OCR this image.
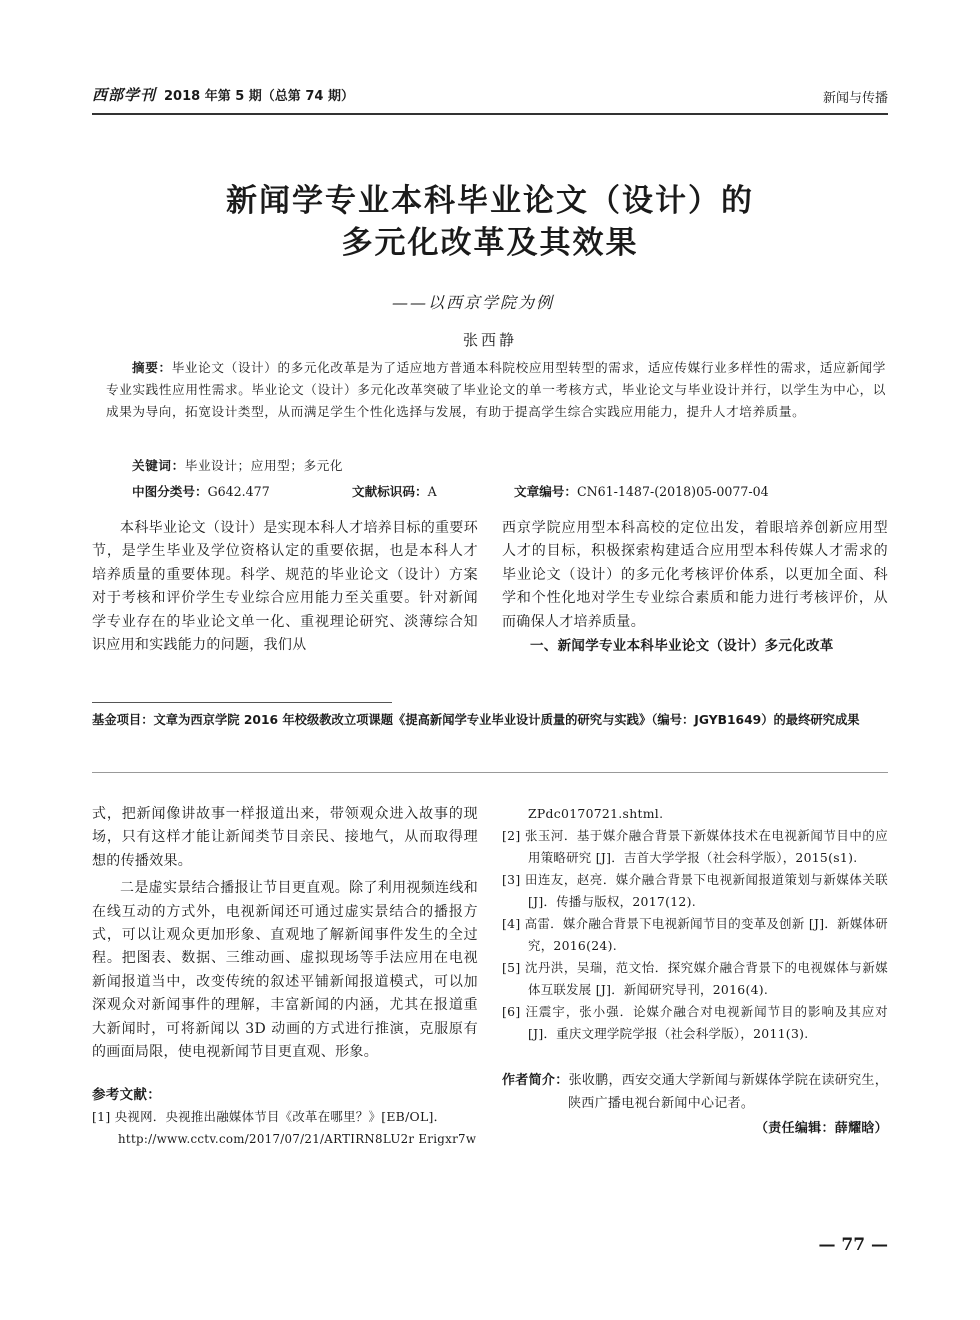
西部学刊 2018 年第 5 期（总第 74 期）	新闻与传播
新闻学专业本科毕业论文（设计）的
多元化改革及其效果
——以西京学院为例
张西静

摘要：毕业论文（设计）的多元化改革是为了适应地方普通本科院校应用型转型的需求，适应传媒行业多样性的需求，适应新闻学专业实践性应用性需求。毕业论文（设计）多元化改革突破了毕业论文的单一考核方式，毕业论文与毕业设计并行，以学生为中心，以成果为导向，拓宽设计类型，从而满足学生个性化选择与发展，有助于提高学生综合实践应用能力，提升人才培养质量。

关键词：毕业设计；应用型；多元化
中图分类号：G642.477	文献标识码：A	文章编号：CN61-1487-(2018)05-0077-04

本科毕业论文（设计）是实现本科人才培养目标的重要环节，是学生毕业及学位资格认定的重要依据，也是本科人才培养质量的重要体现。科学、规范的毕业论文（设计）方案对于考核和评价学生专业综合应用能力至关重要。针对新闻学专业存在的毕业论文单一化、重视理论研究、淡薄综合知识应用和实践能力的问题，我们从

西京学院应用型本科高校的定位出发，着眼培养创新应用型人才的目标，积极探索构建适合应用型本科传媒人才需求的毕业论文（设计）的多元化考核评价体系，以更加全面、科学和个性化地对学生专业综合素质和能力进行考核评价，从而确保人才培养质量。

一、新闻学专业本科毕业论文（设计）多元化改革

基金项目：文章为西京学院 2016 年校级教改立项课题《提高新闻学专业毕业设计质量的研究与实践》（编号：JGYB1649）的最终研究成果

式，把新闻像讲故事一样报道出来，带领观众进入故事的现场，只有这样才能让新闻类节目亲民、接地气，从而取得理想的传播效果。

二是虚实景结合播报让节目更直观。除了利用视频连线和在线互动的方式外，电视新闻还可通过虚实景结合的播报方式，可以让观众更加形象、直观地了解新闻事件发生的全过程。把图表、数据、三维动画、虚拟现场等手法应用在电视新闻报道当中，改变传统的叙述平铺新闻报道模式，可以加深观众对新闻事件的理解，丰富新闻的内涵，尤其在报道重大新闻时，可将新闻以 3D 动画的方式进行推演，克服原有的画面局限，使电视新闻节目更直观、形象。

参考文献：
[1] 央视网．央视推出融媒体节目《改革在哪里？》[EB/OL]．
http://www.cctv.com/2017/07/21/ARTIRN8LU2r Erigxr7w
ZPdc0170721.shtml.
[2] 张玉河．基于媒介融合背景下新媒体技术在电视新闻节目中的应用策略研究 [J]．吉首大学学报（社会科学版），2015(s1).
[3] 田连友，赵亮．媒介融合背景下电视新闻报道策划与新媒体关联 [J]．传播与版权，2017(12).
[4] 高雷．媒介融合背景下电视新闻节目的变革及创新 [J]．新媒体研究，2016(24).
[5] 沈丹洪，吴瑞，范文怡．探究媒介融合背景下的电视媒体与新媒体互联发展 [J]．新闻研究导刊，2016(4).
[6] 汪震宇，张小强．论媒介融合对电视新闻节目的影响及其应对 [J]．重庆文理学院学报（社会科学版），2011(3).
作者简介：张收鹏，西安交通大学新闻与新媒体学院在读研究生，陕西广播电视台新闻中心记者。
（责任编辑：薛耀晗）
— 77 —
